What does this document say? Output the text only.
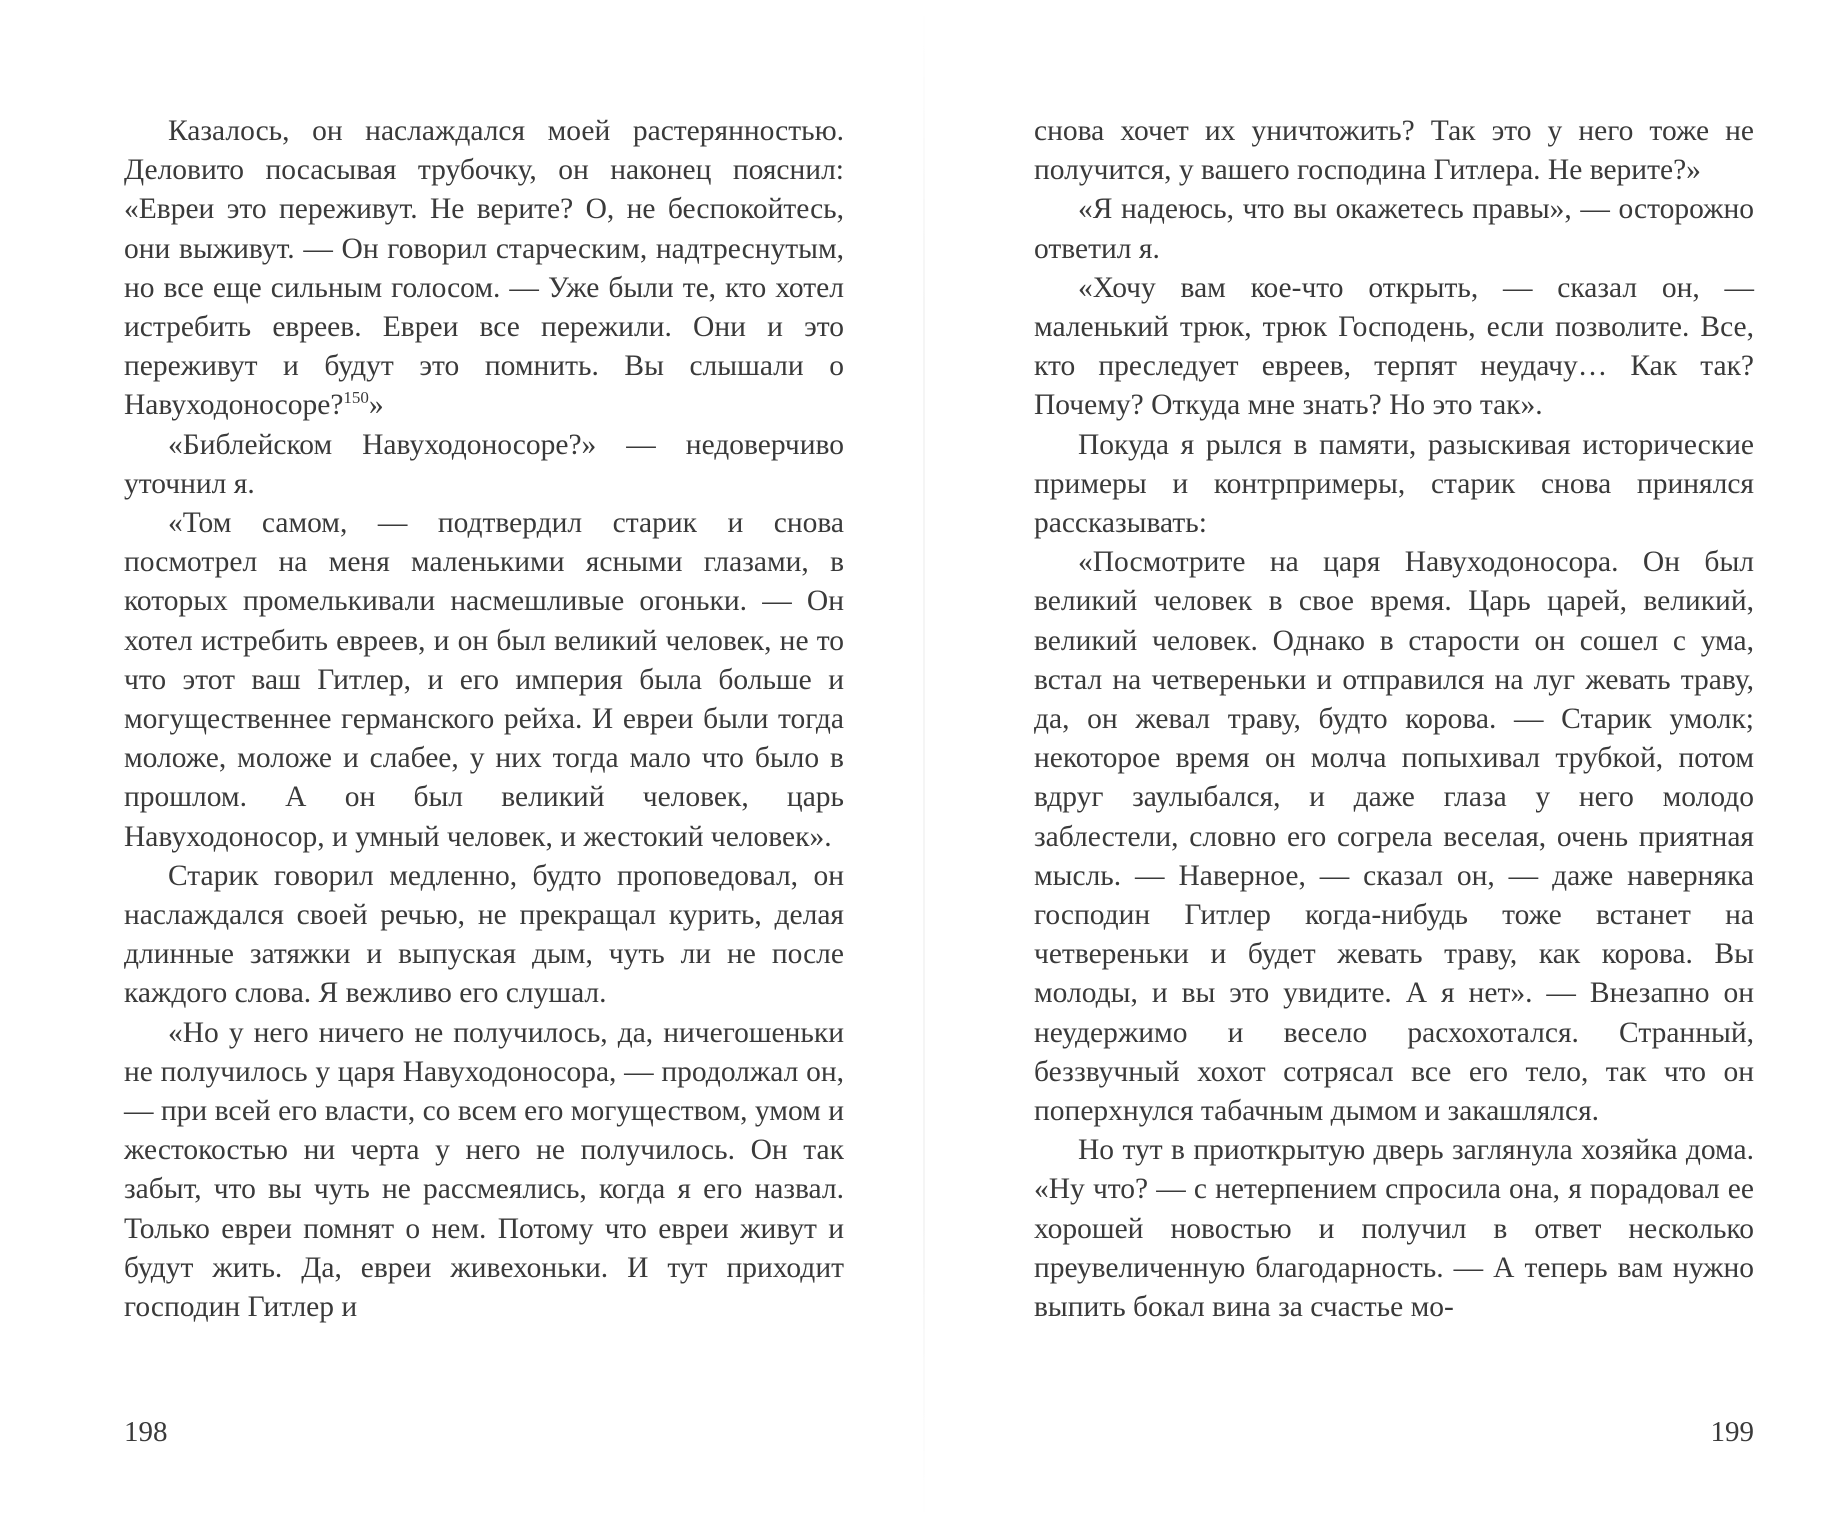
Казалось, он наслаждался моей растерянностью. Деловито посасывая трубочку, он наконец пояснил: «Евреи это переживут. Не верите? О, не беспокойтесь, они выживут. — Он говорил старческим, надтреснутым, но все еще сильным голосом. — Уже были те, кто хотел истребить евреев. Евреи все пережили. Они и это переживут и будут это помнить. Вы слышали о Навуходоносоре?$^{150}$»

«Библейском Навуходоносоре?» — недоверчиво уточнил я.

«Том самом, — подтвердил старик и снова посмотрел на меня маленькими ясными глазами, в которых промелькивали насмешливые огоньки. — Он хотел истребить евреев, и он был великий человек, не то что этот ваш Гитлер, и его империя была больше и могущественнее германского рейха. И евреи были тогда моложе, моложе и слабее, у них тогда мало что было в прошлом. А он был великий человек, царь Навуходоносор, и умный человек, и жестокий человек».

Старик говорил медленно, будто проповедовал, он наслаждался своей речью, не прекращал курить, делая длинные затяжки и выпуская дым, чуть ли не после каждого слова. Я вежливо его слушал.

«Но у него ничего не получилось, да, ничегошеньки не получилось у царя Навуходоносора, — продолжал он, — при всей его власти, со всем его могуществом, умом и жестокостью ни черта у него не получилось. Он так забыт, что вы чуть не рассмеялись, когда я его назвал. Только евреи помнят о нем. Потому что евреи живут и будут жить. Да, евреи живехоньки. И тут приходит господин Гитлер и

198

снова хочет их уничтожить? Так это у него тоже не получится, у вашего господина Гитлера. Не верите?»

«Я надеюсь, что вы окажетесь правы», — осторожно ответил я.

«Хочу вам кое-что открыть, — сказал он, — маленький трюк, трюк Господень, если позволите. Все, кто преследует евреев, терпят неудачу… Как так? Почему? Откуда мне знать? Но это так».

Покуда я рылся в памяти, разыскивая исторические примеры и контрпримеры, старик снова принялся рассказывать:

«Посмотрите на царя Навуходоносора. Он был великий человек в свое время. Царь царей, великий, великий человек. Однако в старости он сошел с ума, встал на четвереньки и отправился на луг жевать траву, да, он жевал траву, будто корова. — Старик умолк; некоторое время он молча попыхивал трубкой, потом вдруг заулыбался, и даже глаза у него молодо заблестели, словно его согрела веселая, очень приятная мысль. — Наверное, — сказал он, — даже наверняка господин Гитлер когда-нибудь тоже встанет на четвереньки и будет жевать траву, как корова. Вы молоды, и вы это увидите. А я нет». — Внезапно он неудержимо и весело расхохотался. Странный, беззвучный хохот сотрясал все его тело, так что он поперхнулся табачным дымом и закашлялся.

Но тут в приоткрытую дверь заглянула хозяйка дома. «Ну что? — с нетерпением спросила она, я порадовал ее хорошей новостью и получил в ответ несколько преувеличенную благодарность. — А теперь вам нужно выпить бокал вина за счастье мо-

199
